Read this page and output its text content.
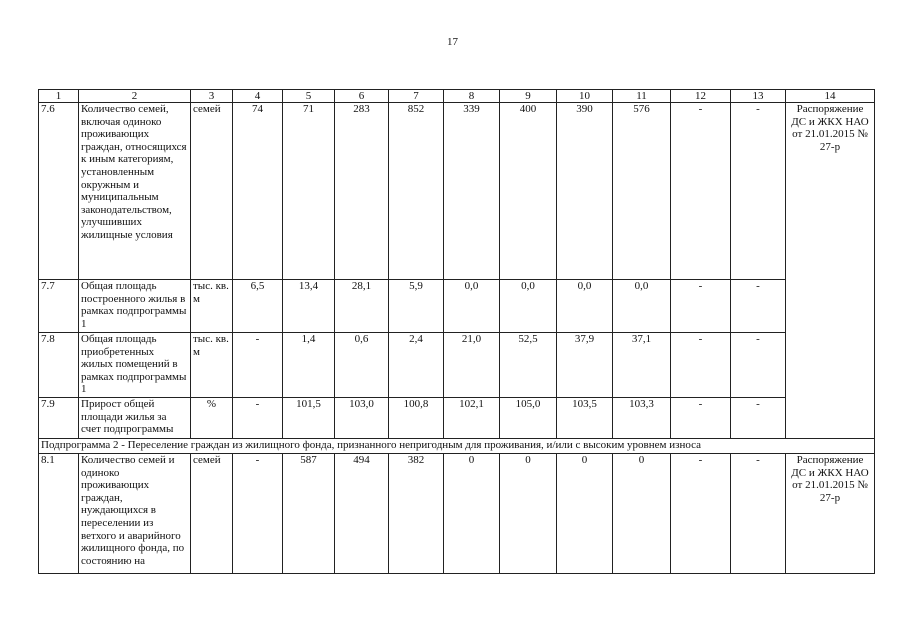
17
1	2	3	4	5	6	7	8	9	10	11	12	13	14
7.6	Количество семей, включая одиноко проживающих граждан, относящихся к иным категориям, установленным окружным и муниципальным законодательством, улучшивших жилищные условия	семей	74	71	283	852	339	400	390	576	-	-	Распоряжение ДС и ЖКХ НАО от 21.01.2015 № 27-р
7.7	Общая площадь построенного жилья в рамках подпрограммы 1	тыс. кв. м	6,5	13,4	28,1	5,9	0,0	0,0	0,0	0,0	-	-	
7.8	Общая площадь приобретенных жилых помещений в рамках подпрограммы 1	тыс. кв. м	-	1,4	0,6	2,4	21,0	52,5	37,9	37,1	-	-	
7.9	Прирост общей площади жилья за счет подпрограммы	%	-	101,5	103,0	100,8	102,1	105,0	103,5	103,3	-	-	
Подпрограмма 2 - Переселение граждан из жилищного фонда, признанного непригодным для проживания, и/или с высоким уровнем износа													
8.1	Количество семей и одиноко проживающих граждан, нуждающихся в переселении из ветхого и аварийного жилищного фонда, по состоянию на	семей	-	587	494	382	0	0	0	0	-	-	Распоряжение ДС и ЖКХ НАО от 21.01.2015 № 27-р
